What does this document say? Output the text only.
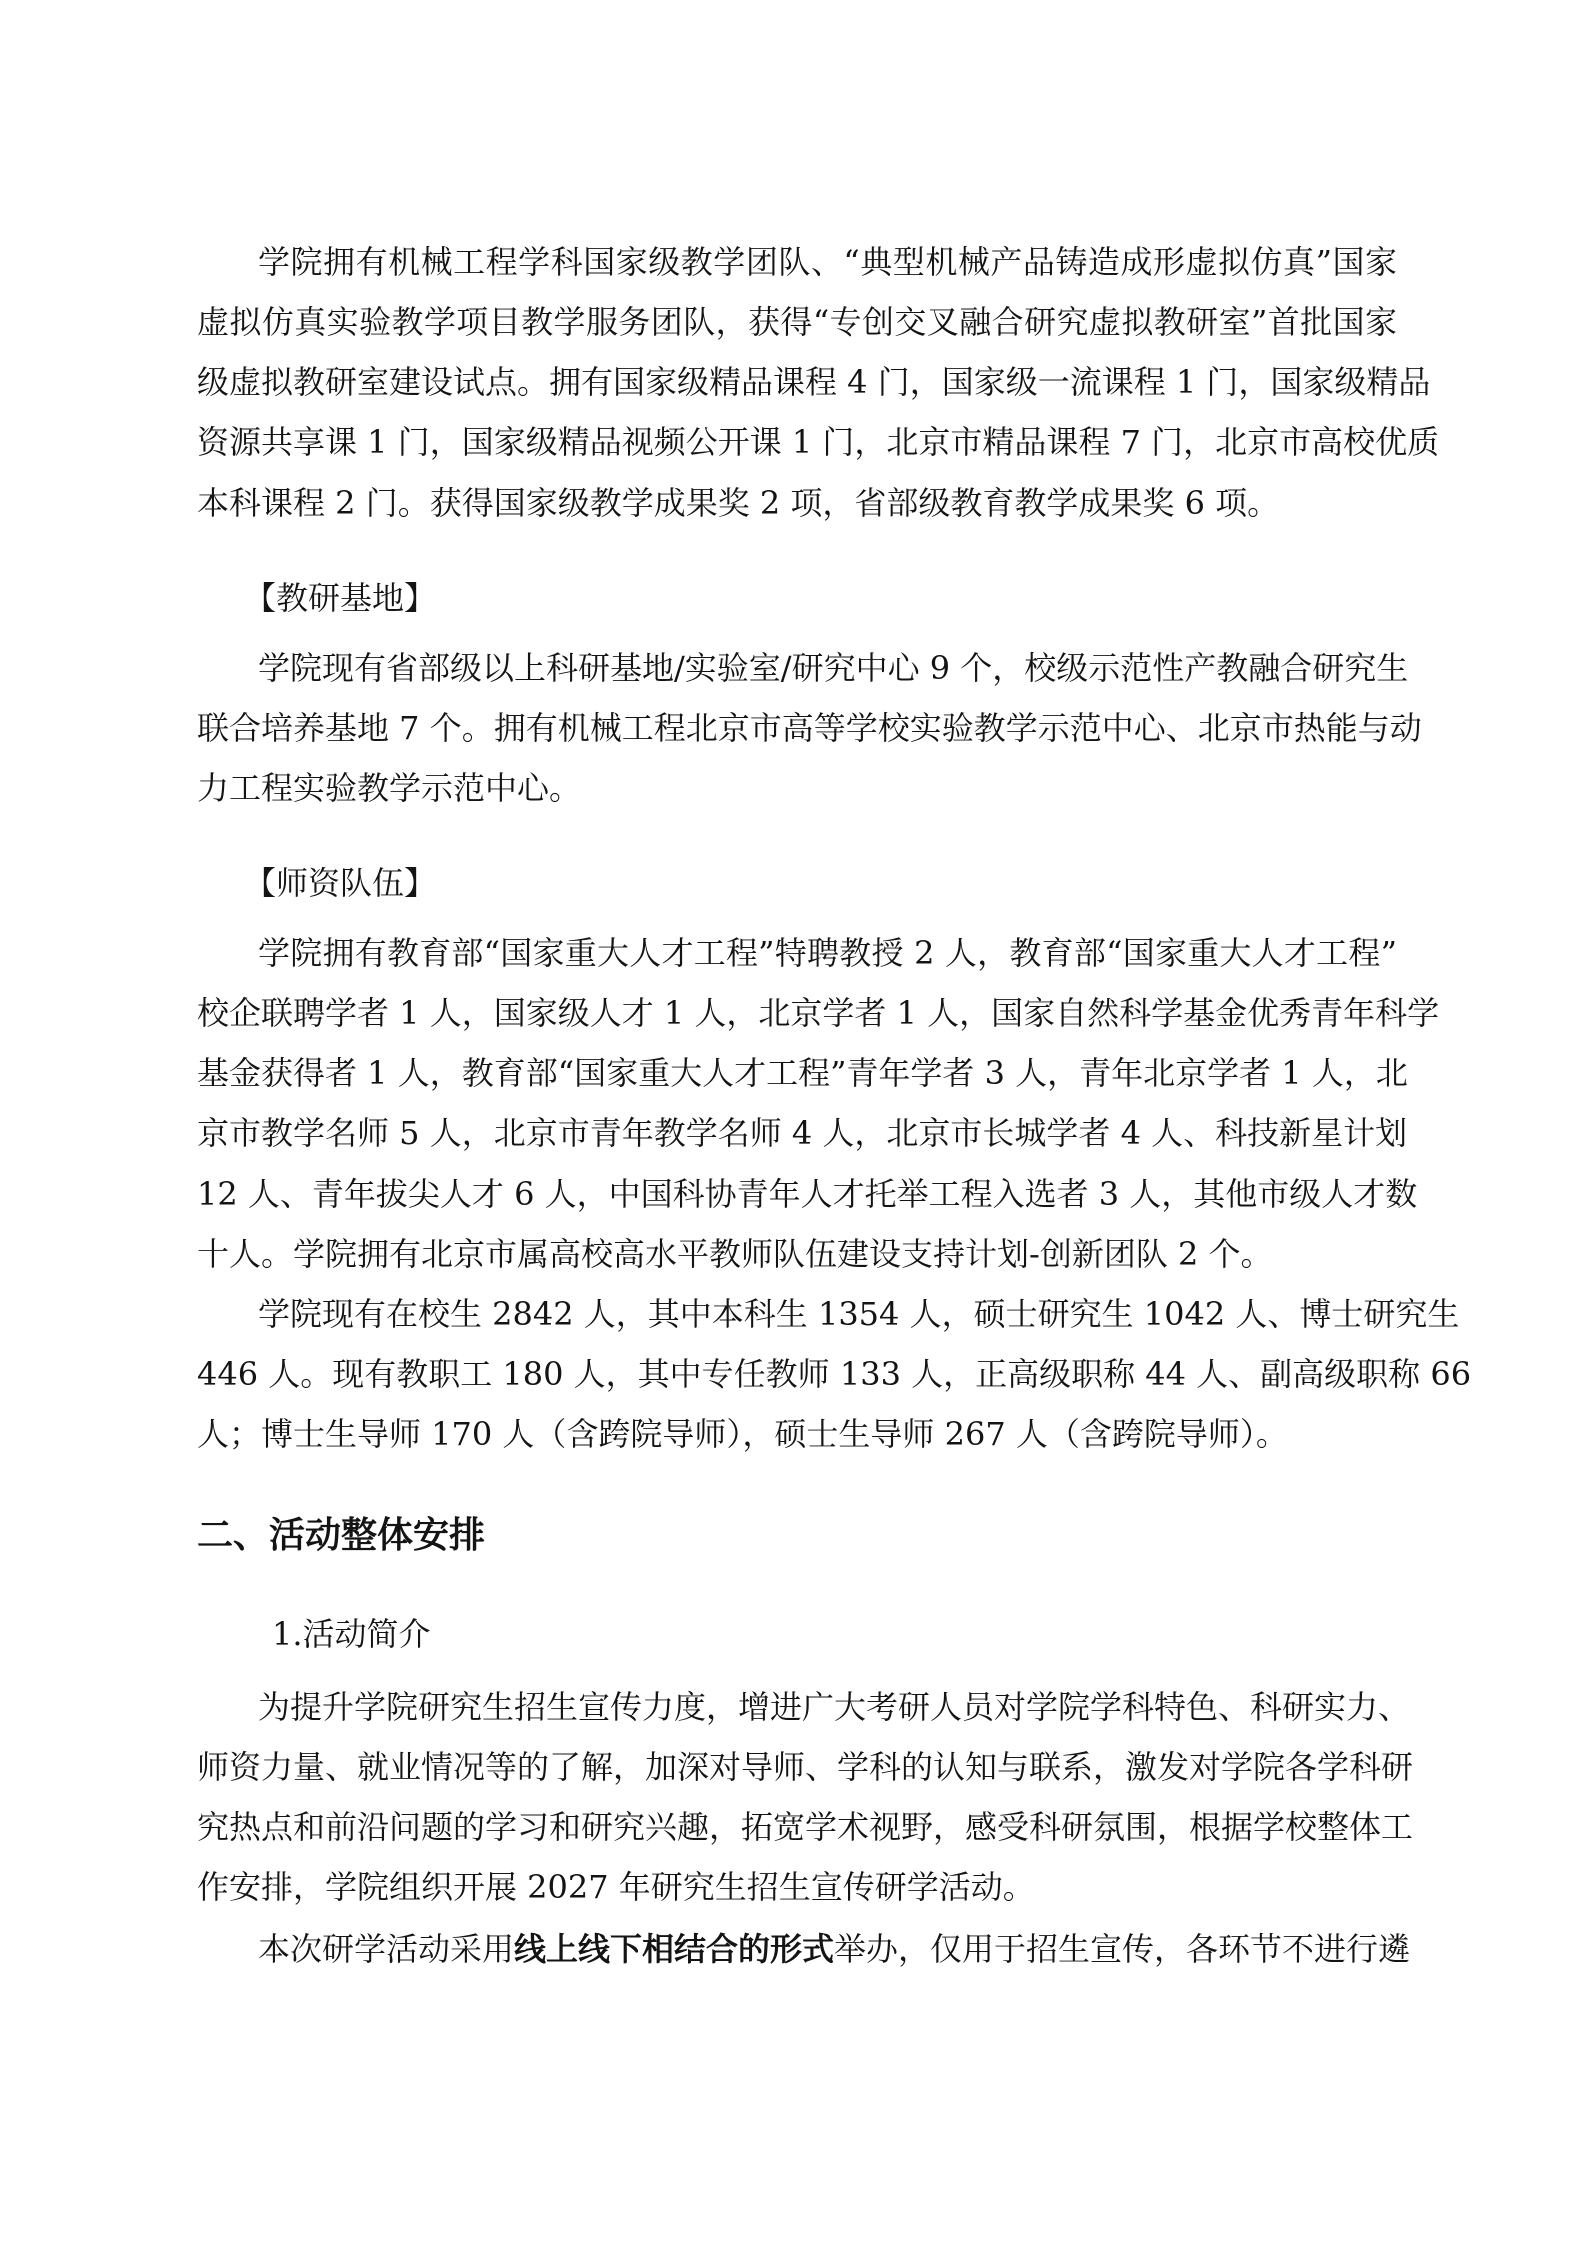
学院拥有机械工程学科国家级教学团队、“典型机械产品铸造成形虚拟仿真”国家

虚拟仿真实验教学项目教学服务团队，获得“专创交叉融合研究虚拟教研室”首批国家

级虚拟教研室建设试点。拥有国家级精品课程 4 门，国家级一流课程 1 门，国家级精品

资源共享课 1 门，国家级精品视频公开课 1 门，北京市精品课程 7 门，北京市高校优质

本科课程 2 门。获得国家级教学成果奖 2 项，省部级教育教学成果奖 6 项。

【教研基地】

学院现有省部级以上科研基地/实验室/研究中心 9 个，校级示范性产教融合研究生

联合培养基地 7 个。拥有机械工程北京市高等学校实验教学示范中心、北京市热能与动

力工程实验教学示范中心。

【师资队伍】

学院拥有教育部“国家重大人才工程”特聘教授 2 人，教育部“国家重大人才工程”

校企联聘学者 1 人，国家级人才 1 人，北京学者 1 人，国家自然科学基金优秀青年科学

基金获得者 1 人，教育部“国家重大人才工程”青年学者 3 人，青年北京学者 1 人，北

京市教学名师 5 人，北京市青年教学名师 4 人，北京市长城学者 4 人、科技新星计划

12 人、青年拔尖人才 6 人，中国科协青年人才托举工程入选者 3 人，其他市级人才数

十人。学院拥有北京市属高校高水平教师队伍建设支持计划-创新团队 2 个。

学院现有在校生 2842 人，其中本科生 1354 人，硕士研究生 1042 人、博士研究生

446 人。现有教职工 180 人，其中专任教师 133 人，正高级职称 44 人、副高级职称 66

人；博士生导师 170 人（含跨院导师），硕士生导师 267 人（含跨院导师）。

二、活动整体安排

1.活动简介

为提升学院研究生招生宣传力度，增进广大考研人员对学院学科特色、科研实力、

师资力量、就业情况等的了解，加深对导师、学科的认知与联系，激发对学院各学科研

究热点和前沿问题的学习和研究兴趣，拓宽学术视野，感受科研氛围，根据学校整体工

作安排，学院组织开展 2027 年研究生招生宣传研学活动。

本次研学活动采用线上线下相结合的形式举办，仅用于招生宣传，各环节不进行遴
